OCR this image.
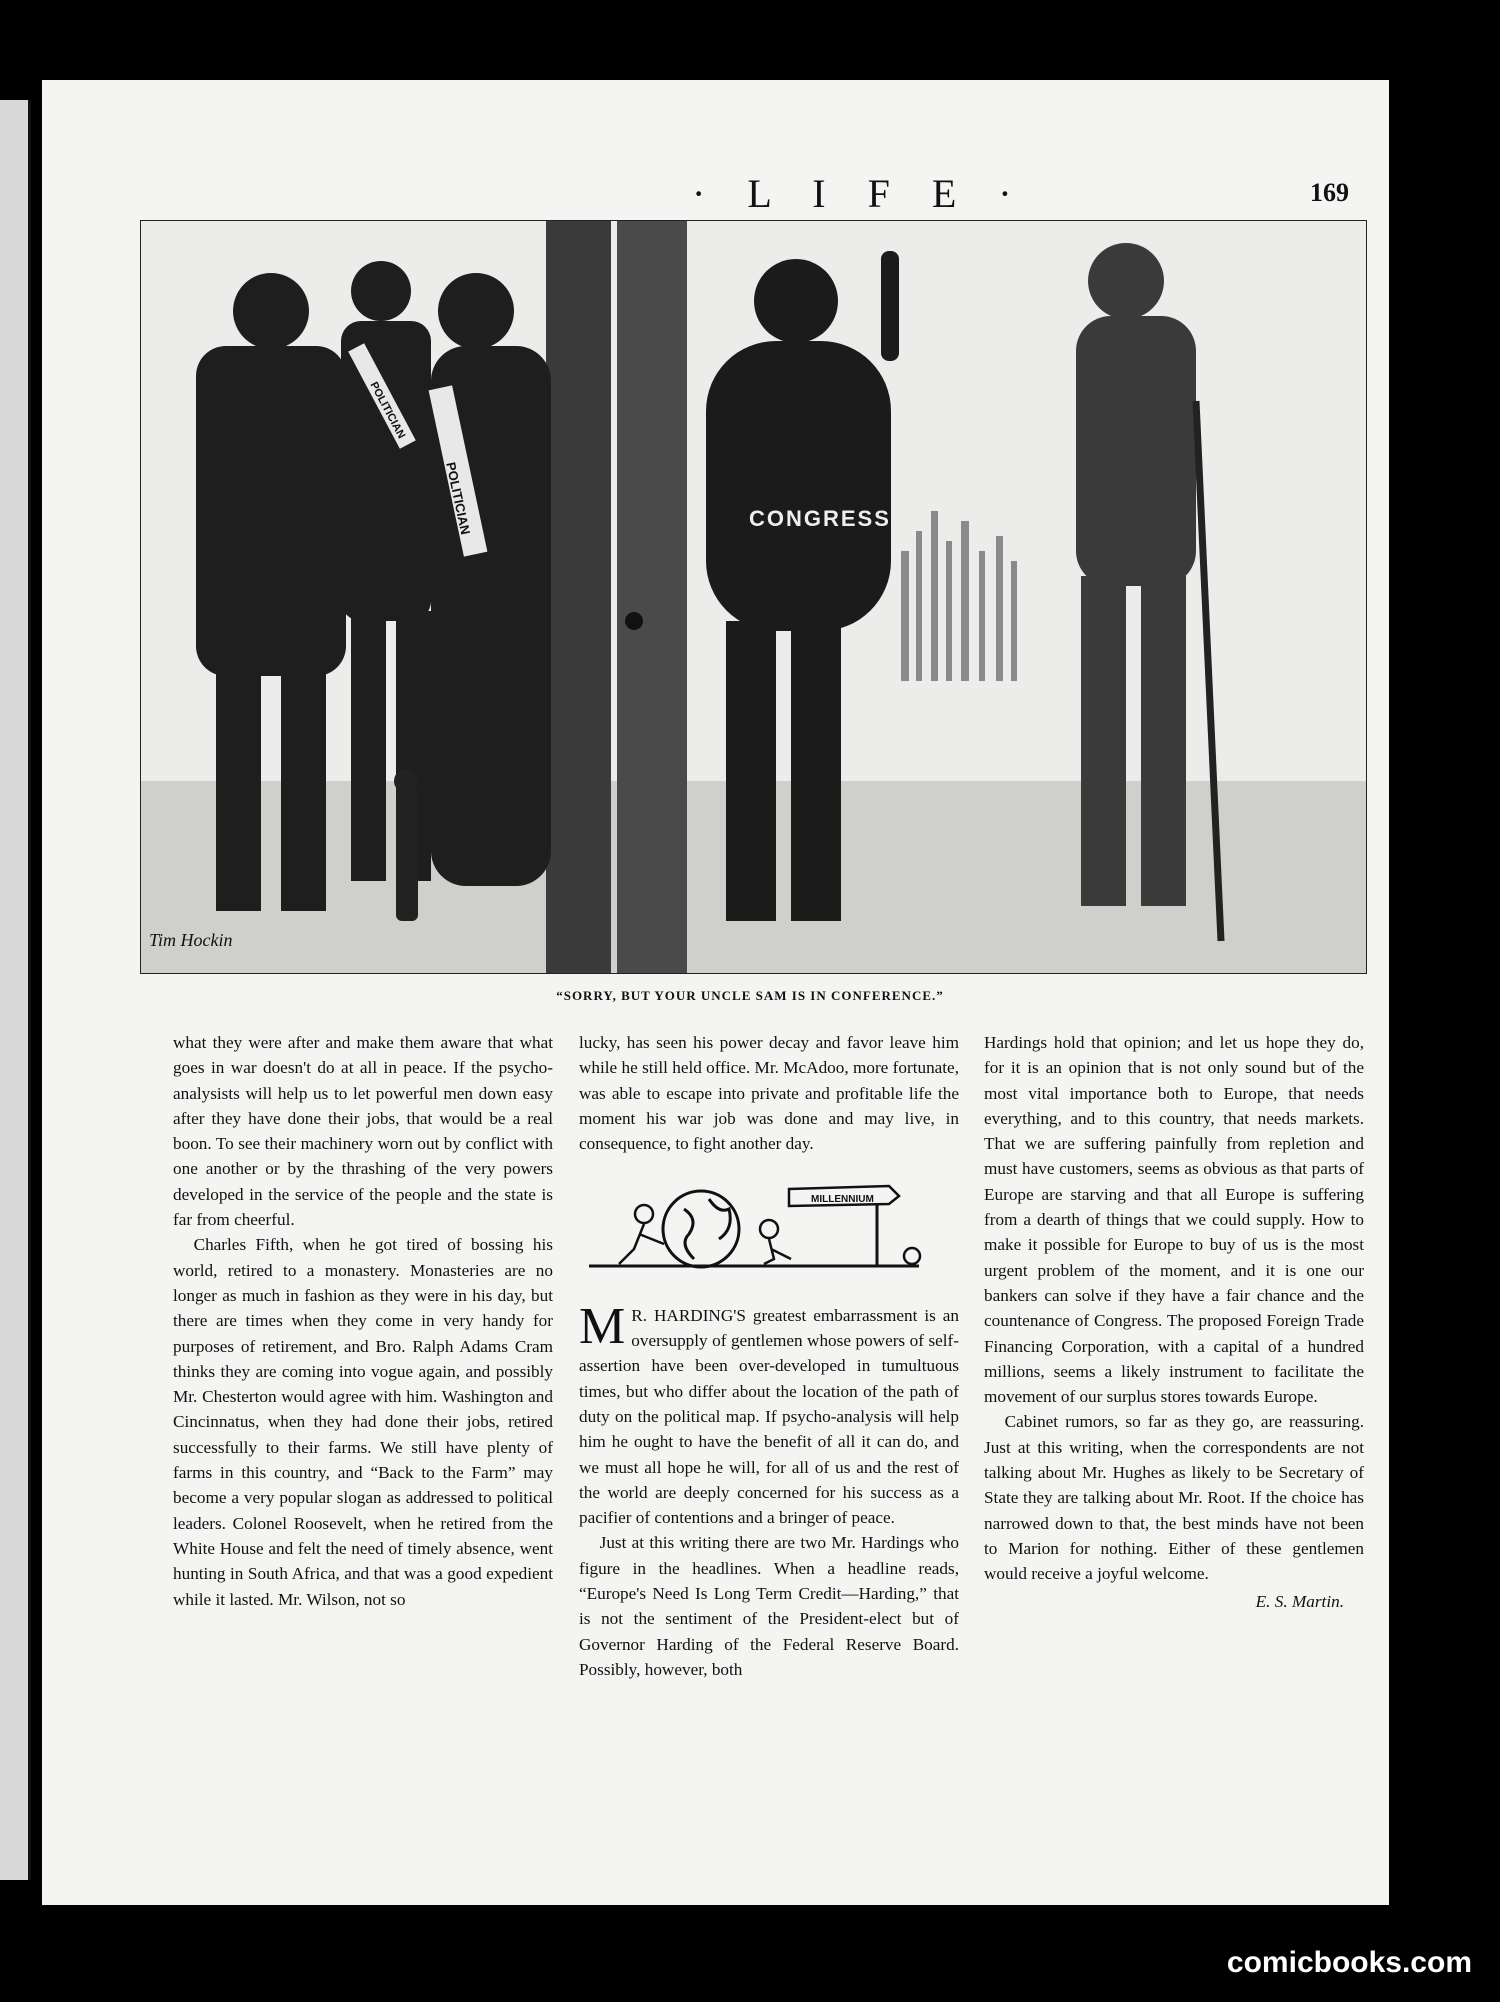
· L I F E ·	169
POLITICIAN
POLITICIAN
CONGRESS
Tim Hockin
“SORRY, BUT YOUR UNCLE SAM IS IN CONFERENCE.”

what they were after and make them aware that what goes in war doesn't do at all in peace. If the psycho-analysists will help us to let powerful men down easy after they have done their jobs, that would be a real boon. To see their machinery worn out by conflict with one another or by the thrashing of the very powers developed in the service of the people and the state is far from cheerful.

Charles Fifth, when he got tired of bossing his world, retired to a monastery. Monasteries are no longer as much in fashion as they were in his day, but there are times when they come in very handy for purposes of retirement, and Bro. Ralph Adams Cram thinks they are coming into vogue again, and possibly Mr. Chesterton would agree with him. Washington and Cincinnatus, when they had done their jobs, retired successfully to their farms. We still have plenty of farms in this country, and “Back to the Farm” may become a very popular slogan as addressed to political leaders. Colonel Roosevelt, when he retired from the White House and felt the need of timely absence, went hunting in South Africa, and that was a good expedient while it lasted. Mr. Wilson, not so

lucky, has seen his power decay and favor leave him while he still held office. Mr. McAdoo, more fortunate, was able to escape into private and profitable life the moment his war job was done and may live, in consequence, to fight another day.

MILLENNIUM

M R. HARDING'S greatest embarrassment is an oversupply of gentlemen whose powers of self-assertion have been over-developed in tumultuous times, but who differ about the location of the path of duty on the political map. If psycho-analysis will help him he ought to have the benefit of all it can do, and we must all hope he will, for all of us and the rest of the world are deeply concerned for his success as a pacifier of contentions and a bringer of peace.

Just at this writing there are two Mr. Hardings who figure in the headlines. When a headline reads, “Europe's Need Is Long Term Credit—Harding,” that is not the sentiment of the President-elect but of Governor Harding of the Federal Reserve Board. Possibly, however, both

Hardings hold that opinion; and let us hope they do, for it is an opinion that is not only sound but of the most vital importance both to Europe, that needs everything, and to this country, that needs markets. That we are suffering painfully from repletion and must have customers, seems as obvious as that parts of Europe are starving and that all Europe is suffering from a dearth of things that we could supply. How to make it possible for Europe to buy of us is the most urgent problem of the moment, and it is one our bankers can solve if they have a fair chance and the countenance of Congress. The proposed Foreign Trade Financing Corporation, with a capital of a hundred millions, seems a likely instrument to facilitate the movement of our surplus stores towards Europe.

Cabinet rumors, so far as they go, are reassuring. Just at this writing, when the correspondents are not talking about Mr. Hughes as likely to be Secretary of State they are talking about Mr. Root. If the choice has narrowed down to that, the best minds have not been to Marion for nothing. Either of these gentlemen would receive a joyful welcome.

E. S. Martin.
comicbooks.com
